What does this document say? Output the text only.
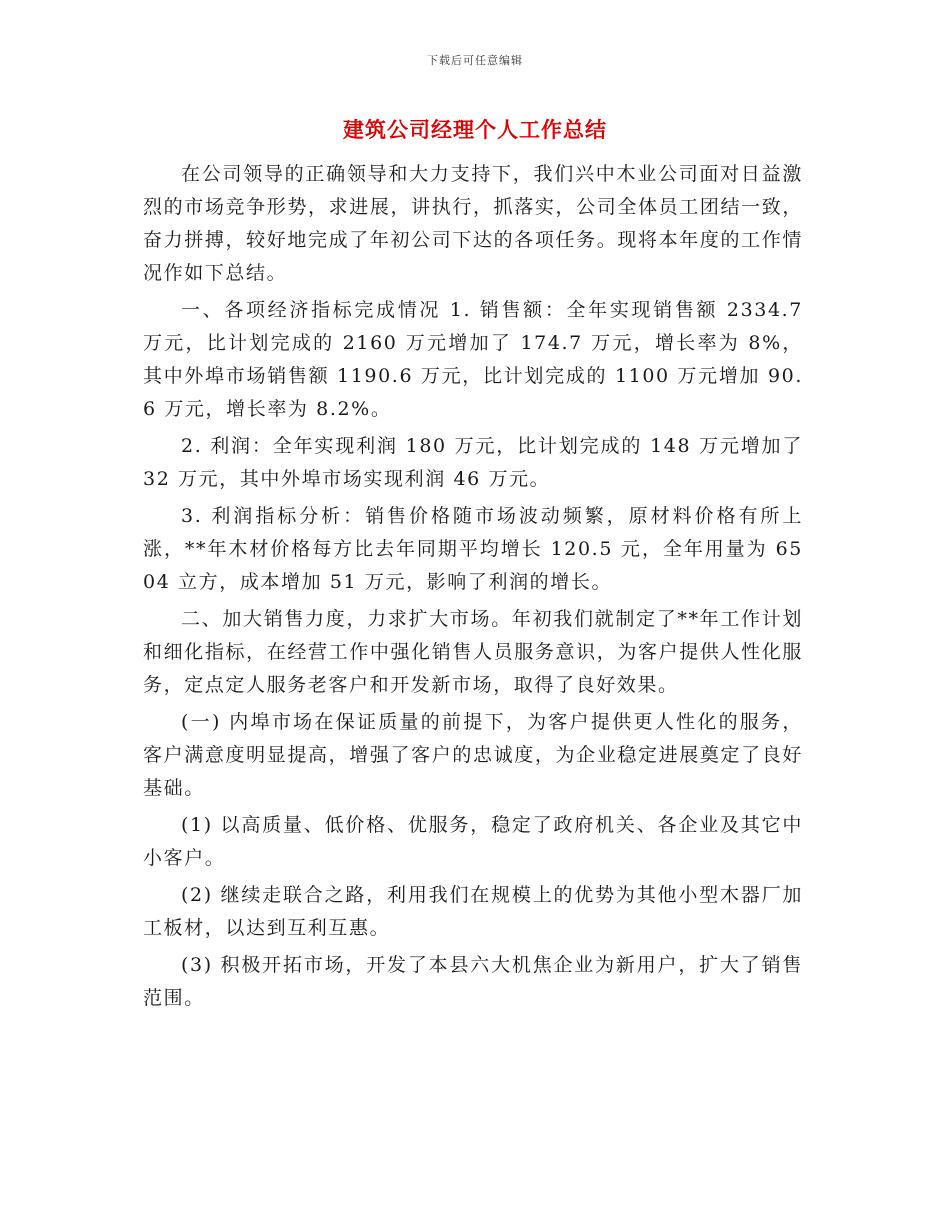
下载后可任意编辑
建筑公司经理个人工作总结

在公司领导的正确领导和大力支持下，我们兴中木业公司面对日益激烈的市场竞争形势，求进展，讲执行，抓落实，公司全体员工团结一致，奋力拼搏，较好地完成了年初公司下达的各项任务。现将本年度的工作情况作如下总结。

一、各项经济指标完成情况 1. 销售额：全年实现销售额 2334.7 万元，比计划完成的 2160 万元增加了 174.7 万元，增长率为 8%，其中外埠市场销售额 1190.6 万元，比计划完成的 1100 万元增加 90.6 万元，增长率为 8.2%。

2. 利润：全年实现利润 180 万元，比计划完成的 148 万元增加了 32 万元，其中外埠市场实现利润 46 万元。

3. 利润指标分析：销售价格随市场波动频繁，原材料价格有所上涨，**年木材价格每方比去年同期平均增长 120.5 元，全年用量为 6504 立方，成本增加 51 万元，影响了利润的增长。

二、加大销售力度，力求扩大市场。年初我们就制定了**年工作计划和细化指标，在经营工作中强化销售人员服务意识，为客户提供人性化服务，定点定人服务老客户和开发新市场，取得了良好效果。

(一) 内埠市场在保证质量的前提下，为客户提供更人性化的服务，客户满意度明显提高，增强了客户的忠诚度，为企业稳定进展奠定了良好基础。

(1) 以高质量、低价格、优服务，稳定了政府机关、各企业及其它中小客户。

(2) 继续走联合之路，利用我们在规模上的优势为其他小型木器厂加工板材，以达到互利互惠。

(3) 积极开拓市场，开发了本县六大机焦企业为新用户，扩大了销售范围。
